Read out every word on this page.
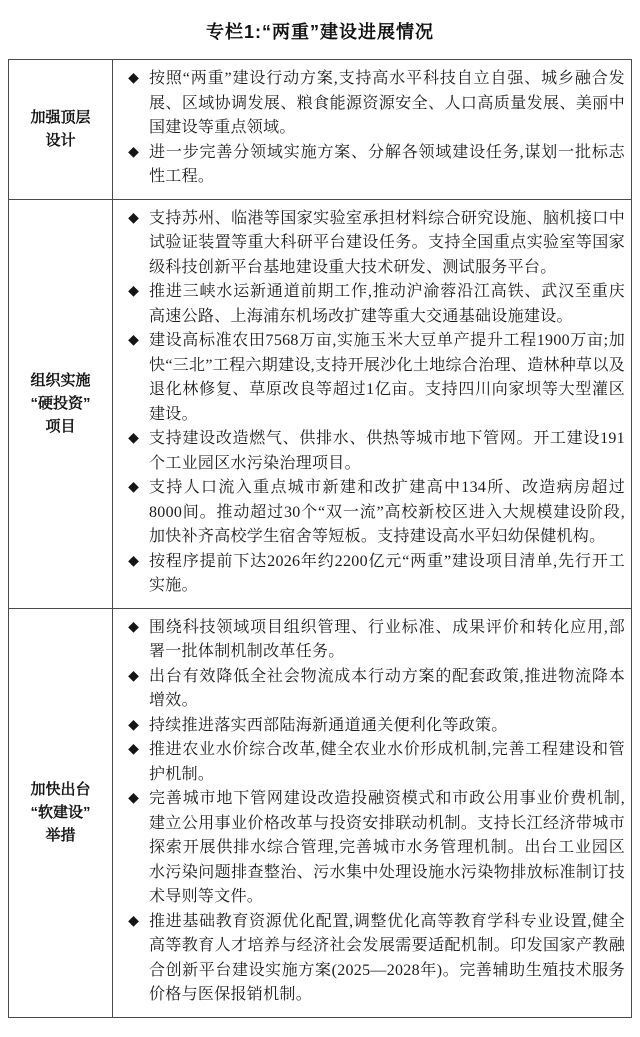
专栏1:“两重”建设进展情况
加强顶层
设计
◆ 按照“两重”建设行动方案,支持高水平科技自立自强、城乡融合发展、区域协调发展、粮食能源资源安全、人口高质量发展、美丽中国建设等重点领域。
◆ 进一步完善分领域实施方案、分解各领域建设任务,谋划一批标志性工程。
组织实施
“硬投资”
项目
◆ 支持苏州、临港等国家实验室承担材料综合研究设施、脑机接口中试验证装置等重大科研平台建设任务。支持全国重点实验室等国家级科技创新平台基地建设重大技术研发、测试服务平台。
◆ 推进三峡水运新通道前期工作,推动沪渝蓉沿江高铁、武汉至重庆高速公路、上海浦东机场改扩建等重大交通基础设施建设。
◆ 建设高标准农田7568万亩,实施玉米大豆单产提升工程1900万亩;加快“三北”工程六期建设,支持开展沙化土地综合治理、造林种草以及退化林修复、草原改良等超过1亿亩。支持四川向家坝等大型灌区建设。
◆ 支持建设改造燃气、供排水、供热等城市地下管网。开工建设191个工业园区水污染治理项目。
◆ 支持人口流入重点城市新建和改扩建高中134所、改造病房超过8000间。推动超过30个“双一流”高校新校区进入大规模建设阶段,加快补齐高校学生宿舍等短板。支持建设高水平妇幼保健机构。
◆ 按程序提前下达2026年约2200亿元“两重”建设项目清单,先行开工实施。
加快出台
“软建设”
举措
◆ 围绕科技领域项目组织管理、行业标准、成果评价和转化应用,部署一批体制机制改革任务。
◆ 出台有效降低全社会物流成本行动方案的配套政策,推进物流降本增效。
◆ 持续推进落实西部陆海新通道通关便利化等政策。
◆ 推进农业水价综合改革,健全农业水价形成机制,完善工程建设和管护机制。
◆ 完善城市地下管网建设改造投融资模式和市政公用事业价费机制,建立公用事业价格改革与投资安排联动机制。支持长江经济带城市探索开展供排水综合管理,完善城市水务管理机制。出台工业园区水污染问题排查整治、污水集中处理设施水污染物排放标准制订技术导则等文件。
◆ 推进基础教育资源优化配置,调整优化高等教育学科专业设置,健全高等教育人才培养与经济社会发展需要适配机制。印发国家产教融合创新平台建设实施方案(2025—2028年)。完善辅助生殖技术服务价格与医保报销机制。
